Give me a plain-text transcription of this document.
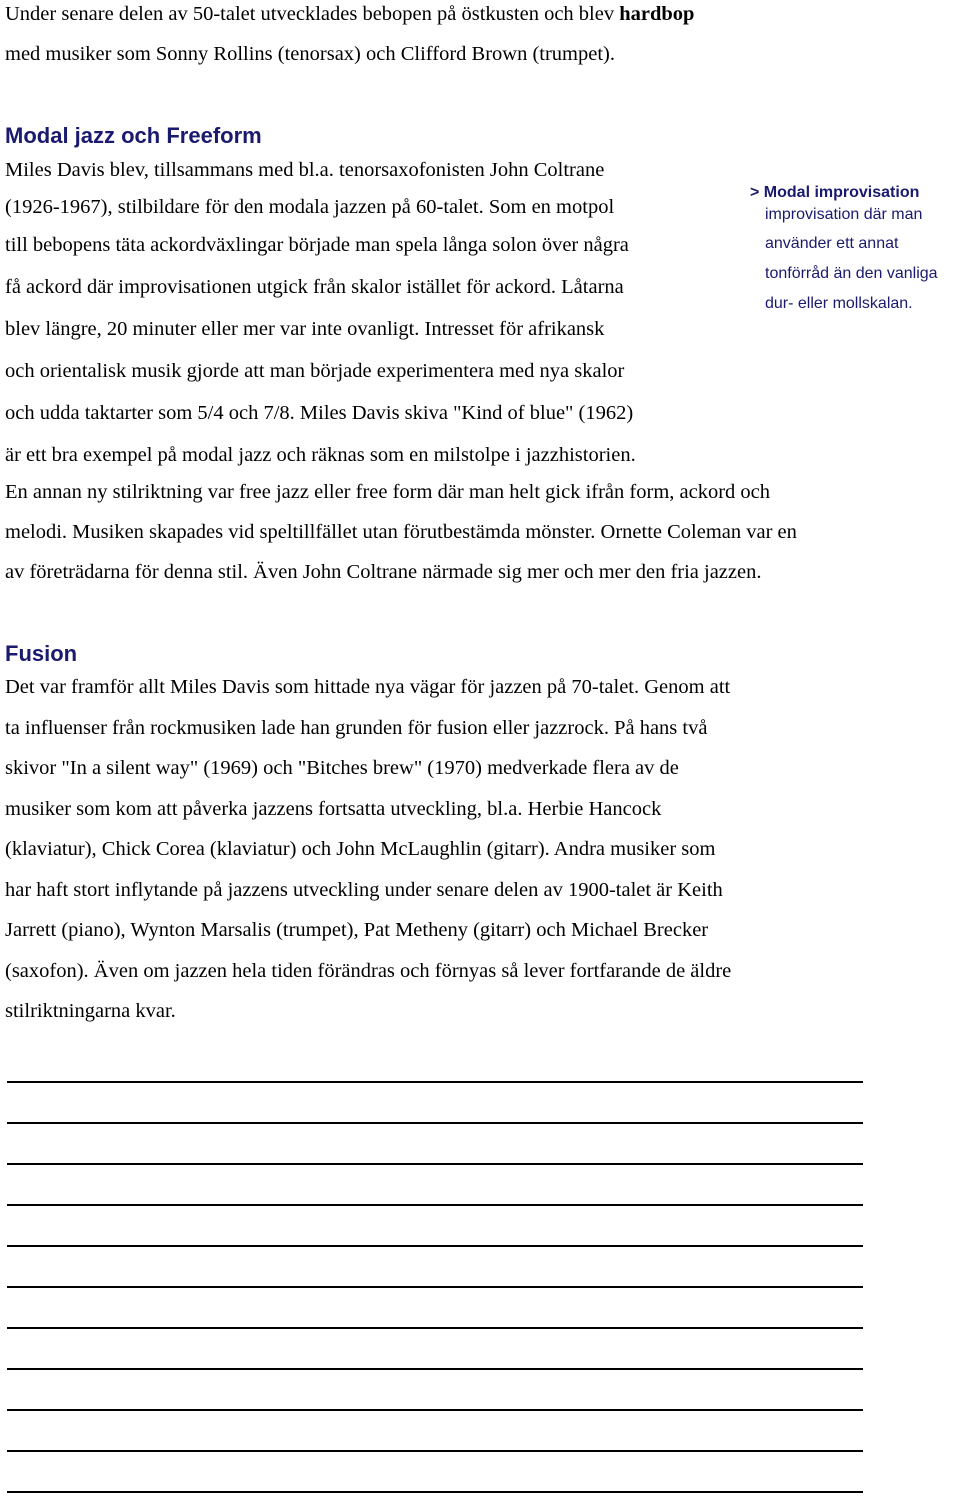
Under senare delen av 50-talet utvecklades bebopen på östkusten och blev hardbop
med musiker som Sonny Rollins (tenorsax) och Clifford Brown (trumpet).
Modal jazz och Freeform
Miles Davis blev, tillsammans med bl.a. tenorsaxofonisten John Coltrane
(1926-1967), stilbildare för den modala jazzen på 60-talet. Som en motpol
till bebopens täta ackordväxlingar började man spela långa solon över några
få ackord där improvisationen utgick från skalor istället för ackord. Låtarna
blev längre, 20 minuter eller mer var inte ovanligt. Intresset för afrikansk
och orientalisk musik gjorde att man började experimentera med nya skalor
och udda taktarter som 5/4 och 7/8. Miles Davis skiva "Kind of blue" (1962)
är ett bra exempel på modal jazz och räknas som en milstolpe i jazzhistorien.
> Modal improvisation
improvisation där man
använder ett annat
tonförråd än den vanliga
dur- eller mollskalan.
En annan ny stilriktning var free jazz eller free form där man helt gick ifrån form, ackord och
melodi. Musiken skapades vid speltillfället utan förutbestämda mönster. Ornette Coleman var en
av företrädarna för denna stil. Även John Coltrane närmade sig mer och mer den fria jazzen.
Fusion
Det var framför allt Miles Davis som hittade nya vägar för jazzen på 70-talet. Genom att
ta influenser från rockmusiken lade han grunden för fusion eller jazzrock. På hans två
skivor "In a silent way" (1969) och "Bitches brew" (1970) medverkade flera av de
musiker som kom att påverka jazzens fortsatta utveckling, bl.a. Herbie Hancock
(klaviatur), Chick Corea (klaviatur) och John McLaughlin (gitarr). Andra musiker som
har haft stort inflytande på jazzens utveckling under senare delen av 1900-talet är Keith
Jarrett (piano), Wynton Marsalis (trumpet), Pat Metheny (gitarr) och Michael Brecker
(saxofon). Även om jazzen hela tiden förändras och förnyas så lever fortfarande de äldre
stilriktningarna kvar.
